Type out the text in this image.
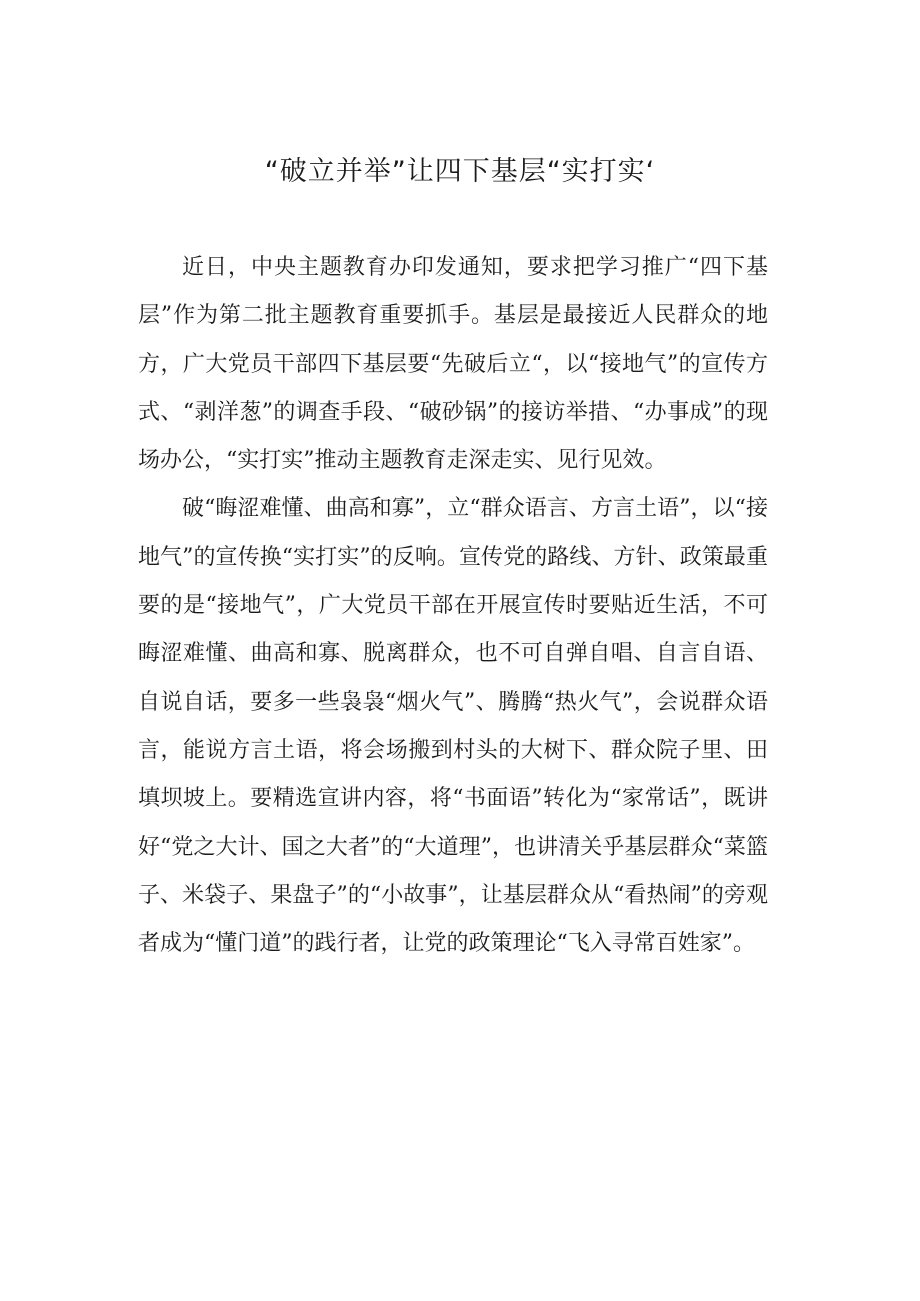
“破立并举”让四下基层“实打实‘

近日，中央主题教育办印发通知，要求把学习推广“四下基层”作为第二批主题教育重要抓手。基层是最接近人民群众的地方，广大党员干部四下基层要“先破后立“，以“接地气”的宣传方式、“剥洋葱”的调查手段、“破砂锅”的接访举措、“办事成”的现场办公，“实打实”推动主题教育走深走实、见行见效。

破“晦涩难懂、曲高和寡”，立“群众语言、方言土语”，以“接地气”的宣传换“实打实”的反响。宣传党的路线、方针、政策最重要的是“接地气”，广大党员干部在开展宣传时要贴近生活，不可晦涩难懂、曲高和寡、脱离群众，也不可自弹自唱、自言自语、自说自话，要多一些袅袅“烟火气”、腾腾“热火气”，会说群众语言，能说方言土语，将会场搬到村头的大树下、群众院子里、田填坝坡上。要精选宣讲内容，将“书面语”转化为“家常话”，既讲好“党之大计、国之大者”的“大道理”，也讲清关乎基层群众“菜篮子、米袋子、果盘子”的“小故事”，让基层群众从“看热闹”的旁观者成为“懂门道”的践行者，让党的政策理论“飞入寻常百姓家”。
